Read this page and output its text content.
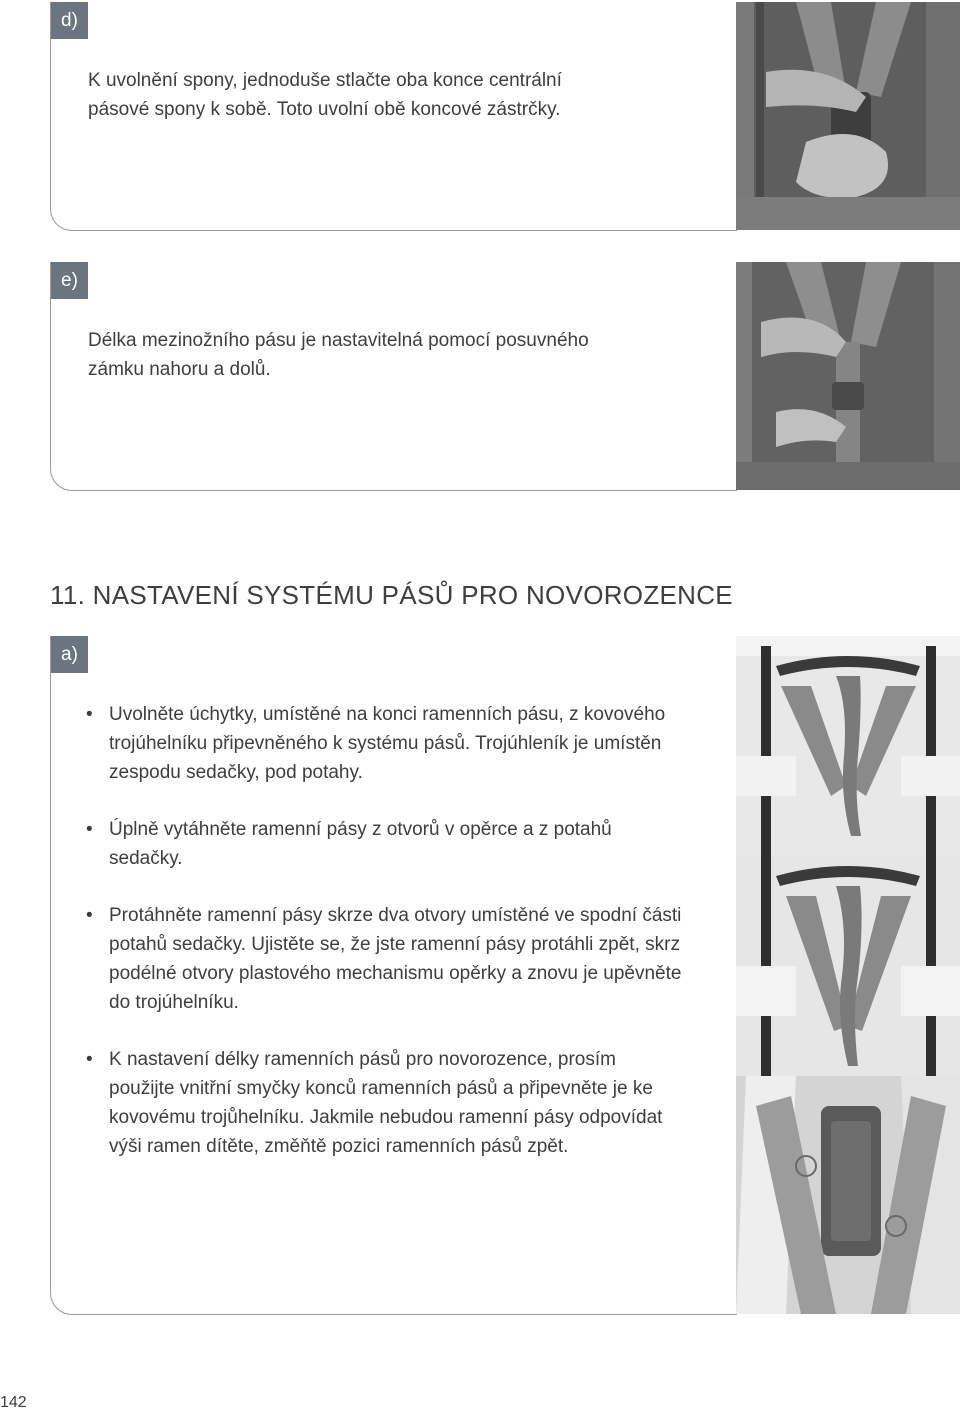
d)
K uvolnění spony, jednoduše stlačte oba konce centrální pásové spony k sobě. Toto uvolní obě koncové zástrčky.
e)
Délka mezinožního pásu je nastavitelná pomocí posuvného zámku nahoru a dolů.
11. NASTAVENÍ SYSTÉMU PÁSŮ PRO NOVOROZENCE
a)
• Uvolněte úchytky, umístěné na konci ramenních pásu, z kovového trojúhelníku připevněného k systému pásů. Trojúhleník je umístěn zespodu sedačky, pod potahy.
• Úplně vytáhněte ramenní pásy z otvorů v opěrce a z potahů sedačky.
• Protáhněte ramenní pásy skrze dva otvory umístěné ve spodní části potahů sedačky. Ujistěte se, že jste ramenní pásy protáhli zpět, skrz podélné otvory plastového mechanismu opěrky a znovu je upěvněte do trojúhelníku.
• K nastavení délky ramenních pásů pro novorozence, prosím použijte vnitřní smyčky konců ramenních pásů a připevněte je ke kovovému trojůhelníku. Jakmile nebudou ramenní pásy odpovídat výši ramen dítěte, změňtě pozici ramenních pásů zpět.
142
